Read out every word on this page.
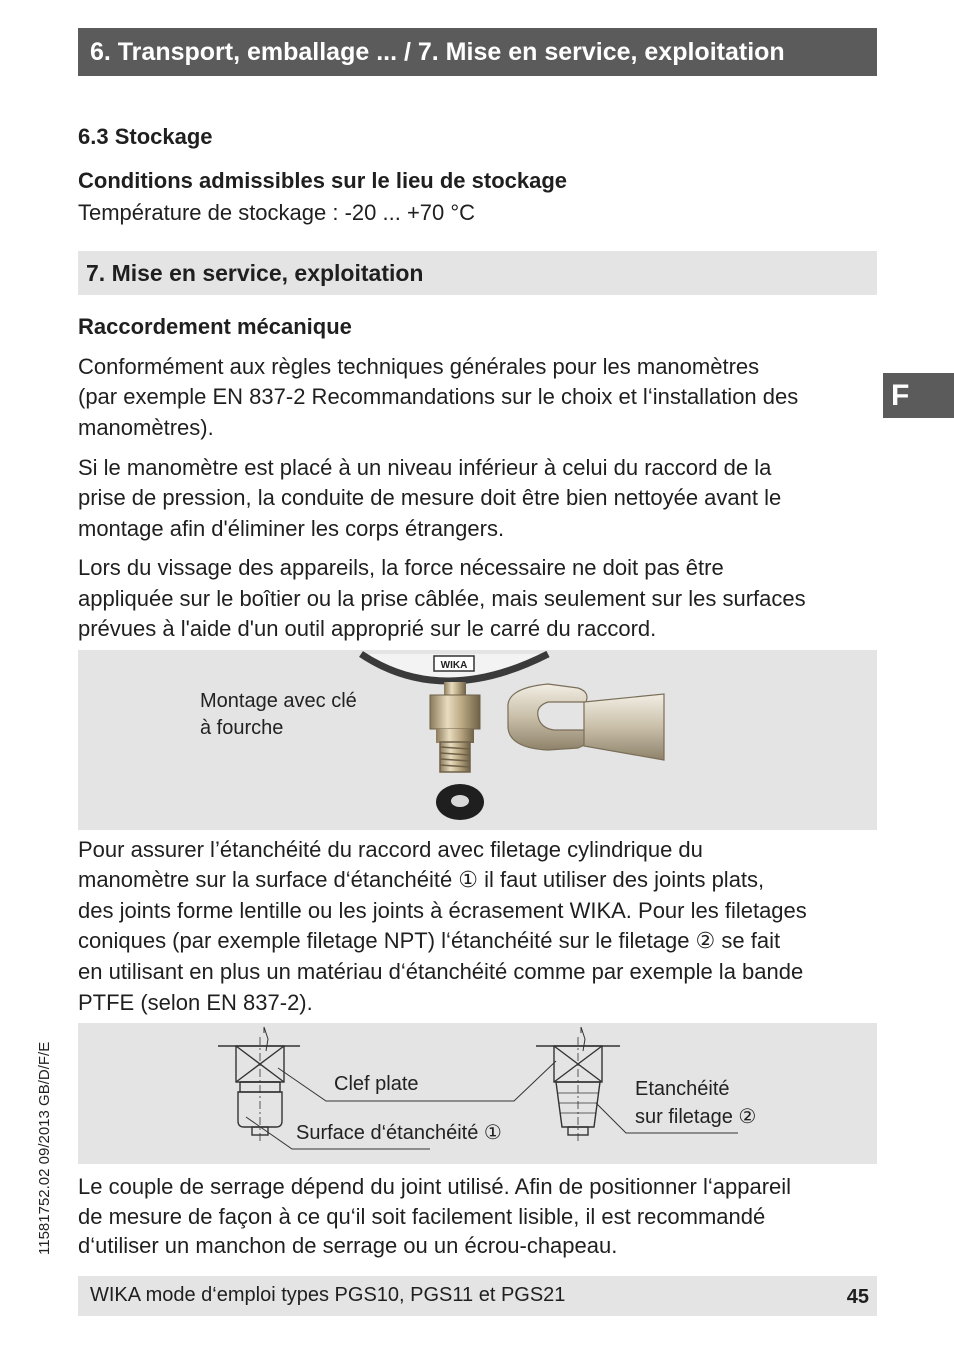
6. Transport, emballage ... / 7. Mise en service, exploitation
6.3 Stockage
Conditions admissibles sur le lieu de stockage
Température de stockage : -20 ... +70 °C
7. Mise en service, exploitation
F
Raccordement mécanique
Conformément aux règles techniques générales pour les manomètres
(par exemple EN 837-2 Recommandations sur le choix et l‘installation des
manomètres).
Si le manomètre est placé à un niveau inférieur à celui du raccord de la
prise de pression, la conduite de mesure doit être bien nettoyée avant le
montage afin d'éliminer les corps étrangers.
Lors du vissage des appareils, la force nécessaire ne doit pas être
appliquée sur le boîtier ou la prise câblée, mais seulement sur les surfaces
prévues à l'aide d'un outil approprié sur le carré du raccord.
Montage avec clé
à fourche
WIKA
Pour assurer l’étanchéité du raccord avec filetage cylindrique du
manomètre sur la surface d‘étanchéité ① il faut utiliser des joints plats,
des joints forme lentille ou les joints à écrasement WIKA. Pour les filetages
coniques (par exemple filetage NPT) l‘étanchéité sur le filetage ② se fait
en utilisant en plus un matériau d‘étanchéité comme par exemple la bande
PTFE (selon EN 837-2).
Clef plate
Surface d‘étanchéité ①
Etanchéité
sur filetage ②
Le couple de serrage dépend du joint utilisé. Afin de positionner l‘appareil
de mesure de façon à ce qu‘il soit facilement lisible, il est recommandé
d‘utiliser un manchon de serrage ou un écrou-chapeau.
11581752.02 09/2013 GB/D/F/E
WIKA mode d‘emploi types PGS10, PGS11 et PGS21	45
